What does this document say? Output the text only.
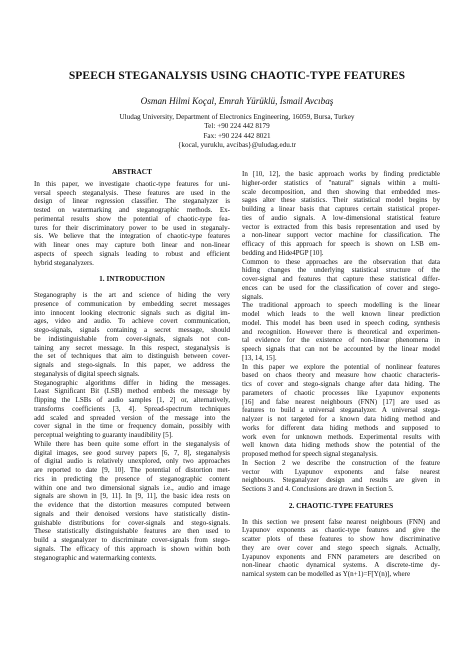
SPEECH STEGANALYSIS USING CHAOTIC-TYPE FEATURES
Osman Hilmi Koçal, Emrah Yürüklü, İsmail Avcıbaş
Uludag University, Department of Electronics Engineering, 16059, Bursa, Turkey
Tel: +90 224 442 8179
Fax: +90 224 442 8021
{kocal, yuruklu, avcibas}@uludag.edu.tr
ABSTRACT
In this paper, we investigate chaotic-type features for uni-
versal speech steganalysis. These features are used in the
design of linear regression classifier. The steganalyzer is
tested on watermarking and steganographic methods. Ex-
perimental results show the potential of chaotic-type fea-
tures for their discriminatory power to be used in steganaly-
sis. We believe that the integration of chaotic-type features
with linear ones may capture both linear and non-linear
aspects of speech signals leading to robust and efficient
hybrid steganalyzers.
1. INTRODUCTION
Steganography is the art and science of hiding the very
presence of communication by embedding secret messages
into innocent looking electronic signals such as digital im-
ages, video and audio. To achieve covert communication,
stego-signals, signals containing a secret message, should
be indistinguishable from cover-signals, signals not con-
taining any secret message. In this respect, steganalysis is
the set of techniques that aim to distinguish between cover-
signals and stego-signals. In this paper, we address the
steganalysis of digital speech signals.
Steganographic algorithms differ in hiding the messages.
Least Significant Bit (LSB) method embeds the message by
flipping the LSBs of audio samples [1, 2] or, alternatively,
transforms coefficients [3, 4]. Spread-spectrum techniques
add scaled and spreaded version of the message into the
cover signal in the time or frequency domain, possibly with
perceptual weighting to guaranty inaudibility [5].
While there has been quite some effort in the steganalysis of
digital images, see good survey papers [6, 7, 8], steganalysis
of digital audio is relatively unexplored, only two approaches
are reported to date [9, 10]. The potential of distortion met-
rics in predicting the presence of steganographic content
within one and two dimensional signals i.e., audio and image
signals are shown in [9, 11]. In [9, 11], the basic idea rests on
the evidence that the distortion measures computed between
signals and their denoised versions have statistically distin-
guishable distributions for cover-signals and stego-signals.
These statistically distinguishable features are then used to
build a steganalyzer to discriminate cover-signals from stego-
signals. The efficacy of this approach is shown within both
steganographic and watermarking contexts.
In [10, 12], the basic approach works by finding predictable
higher-order statistics of "natural" signals within a multi-
scale decomposition, and then showing that embedded mes-
sages alter these statistics. Their statistical model begins by
building a linear basis that captures certain statistical proper-
ties of audio signals. A low-dimensional statistical feature
vector is extracted from this basis representation and used by
a non-linear support vector machine for classification. The
efficacy of this approach for speech is shown on LSB em-
bedding and Hide4PGP [10].
Common to these approaches are the observation that data
hiding changes the underlying statistical structure of the
cover-signal and features that capture these statistical differ-
ences can be used for the classification of cover and stego-
signals.
The traditional approach to speech modelling is the linear
model which leads to the well known linear prediction
model. This model has been used in speech coding, synthesis
and recognition. However there is theoretical and experimen-
tal evidence for the existence of non-linear phenomena in
speech signals that can not be accounted by the linear model
[13, 14, 15].
In this paper we explore the potential of nonlinear features
based on chaos theory and measure how chaotic characteris-
tics of cover and stego-signals change after data hiding. The
parameters of chaotic processes like Lyapunov exponents
[16] and false nearest neighbours (FNN) [17] are used as
features to build a universal steganalyzer. A universal stega-
nalyzer is not targeted for a known data hiding method and
works for different data hiding methods and supposed to
work even for unknown methods. Experimental results with
well known data hiding methods show the potential of the
proposed method for speech signal steganalysis.
In Section 2 we describe the construction of the feature
vector with Lyapunov exponents and false nearest
neighbours. Steganalyzer design and results are given in
Sections 3 and 4. Conclusions are drawn in Section 5.
2. CHAOTIC-TYPE FEATURES
In this section we present false nearest neighbours (FNN) and
Lyapunov exponents as chaotic-type features and give the
scatter plots of these features to show how discriminative
they are over cover and stego speech signals. Actually,
Lyapunov exponents and FNN parameters are described on
non-linear chaotic dynamical systems. A discrete-time dy-
namical system can be modelled as Y(n+1)=F[Y(n)], where
